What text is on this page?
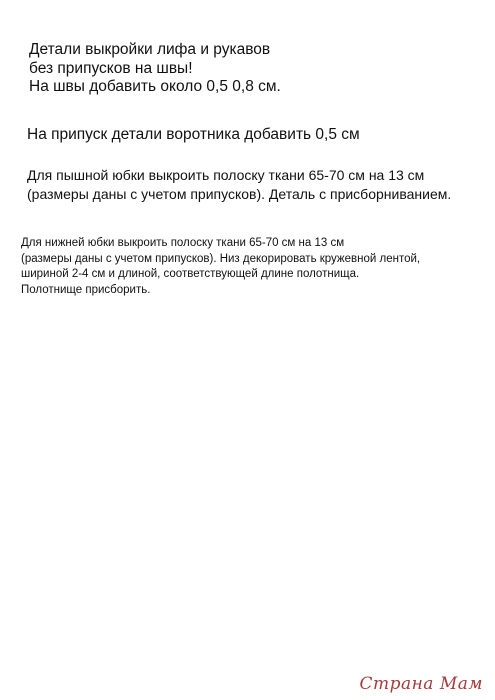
Детали выкройки лифа и рукавов
без припусков на швы!
На швы добавить около 0,5 0,8 см.
На припуск детали воротника добавить 0,5 см
Для пышной юбки выкроить полоску ткани 65-70 см на 13 см
(размеры даны с учетом припусков). Деталь с присборниванием.
Для нижней юбки выкроить полоску ткани 65-70 см на 13 см
(размеры даны с учетом припусков). Низ декорировать кружевной лентой,
шириной 2-4 см и длиной, соответствующей длине полотнища.
Полотнище присборить.
Страна Мам
